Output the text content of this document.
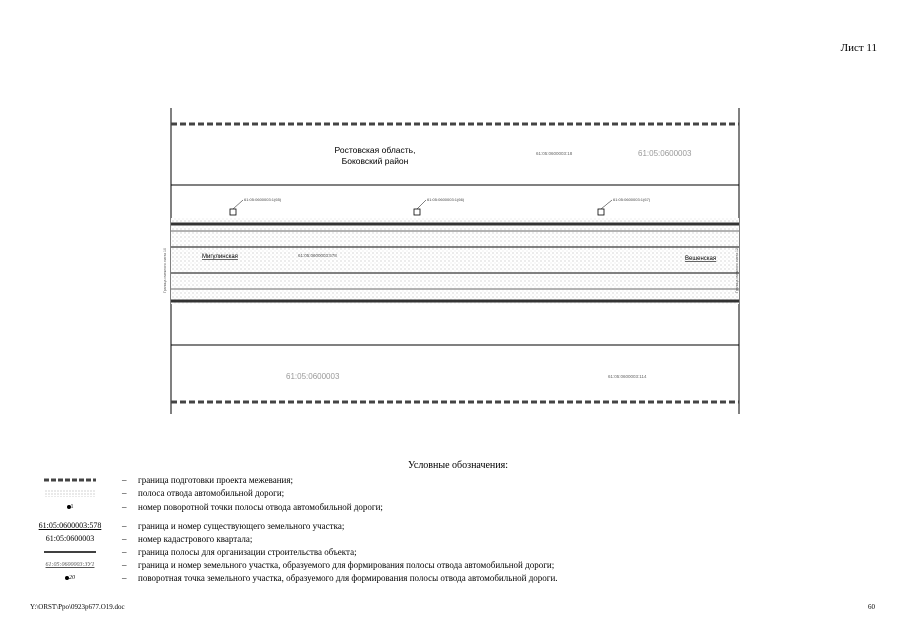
Лист 11
Ростовская область,
Боковский район
61:05:0600003
61:05:0600003:18
61:05:0600003	61:05:0600003:114
61:05:0600003:578
61:05:0600003:1(65)	61:05:0600003:1(66)	61:05:0600003:1(67)
Мигулинская	Вешенская
Граница смежного листа 10	Граница смежного листа 12
Условные обозначения:
– граница подготовки проекта межевания;
– полоса отвода автомобильной дороги;
$^1$	– номер поворотной точки полосы отвода автомобильной дороги;
61:05:0600003:578	– граница и номер существующего земельного участка;
61:05:0600003	– номер кадастрового квартала;
– граница полосы для организации строительства объекта;
61:05:0600003:ЗУ1	– граница и номер земельного участка, образуемого для формирования полосы отвода автомобильной дороги;
20	– поворотная точка земельного участка, образуемого для формирования полосы отвода автомобильной дороги.
Y:\ORST\Ppo\0923p677.О19.doc	60
